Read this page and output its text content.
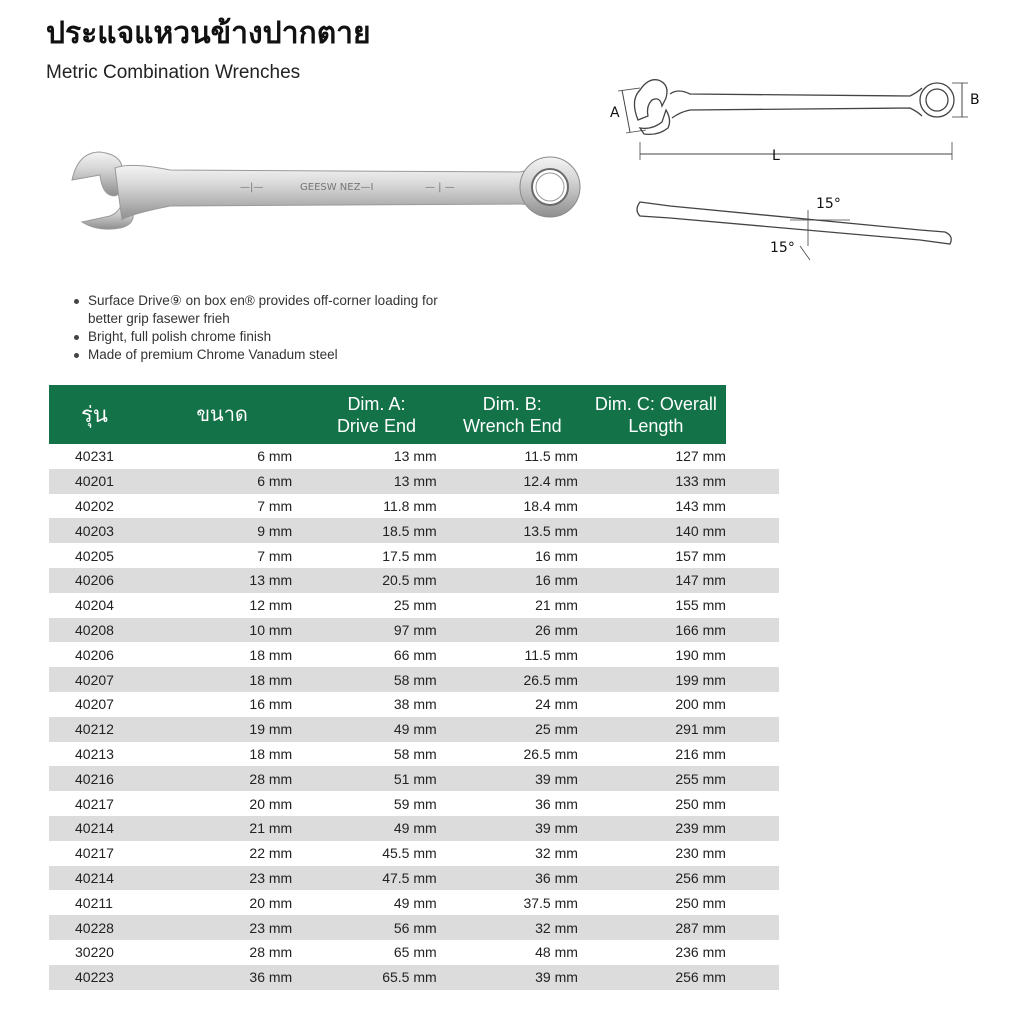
ประแจแหวนข้างปากตาย
Metric Combination Wrenches
—|—	GEESW NEZ—I	— | —
A
B
L
15°
15°
Surface Drive⑨ on box en® provides off-corner loading for better grip fasewer frieh
Bright, full polish chrome finish
Made of premium Chrome Vanadum steel
รุ่น	ขนาด	Dim. A: Drive End	Dim. B: Wrench End	Dim. C: Overall Length	
40231	6 mm	13 mm	11.5 mm	127 mm	
40201	6 mm	13 mm	12.4 mm	133 mm	
40202	7 mm	11.8 mm	18.4 mm	143 mm	
40203	9 mm	18.5 mm	13.5 mm	140 mm	
40205	7 mm	17.5 mm	16 mm	157 mm	
40206	13 mm	20.5 mm	16 mm	147 mm	
40204	12 mm	25 mm	21 mm	155 mm	
40208	10 mm	97 mm	26 mm	166 mm	
40206	18 mm	66 mm	11.5 mm	190 mm	
40207	18 mm	58 mm	26.5 mm	199 mm	
40207	16 mm	38 mm	24 mm	200 mm	
40212	19 mm	49 mm	25 mm	291 mm	
40213	18 mm	58 mm	26.5 mm	216 mm	
40216	28 mm	51 mm	39 mm	255 mm	
40217	20 mm	59 mm	36 mm	250 mm	
40214	21 mm	49 mm	39 mm	239 mm	
40217	22 mm	45.5 mm	32 mm	230 mm	
40214	23 mm	47.5 mm	36 mm	256 mm	
40211	20 mm	49 mm	37.5 mm	250 mm	
40228	23 mm	56 mm	32 mm	287 mm	
30220	28 mm	65 mm	48 mm	236 mm	
40223	36 mm	65.5 mm	39 mm	256 mm	
